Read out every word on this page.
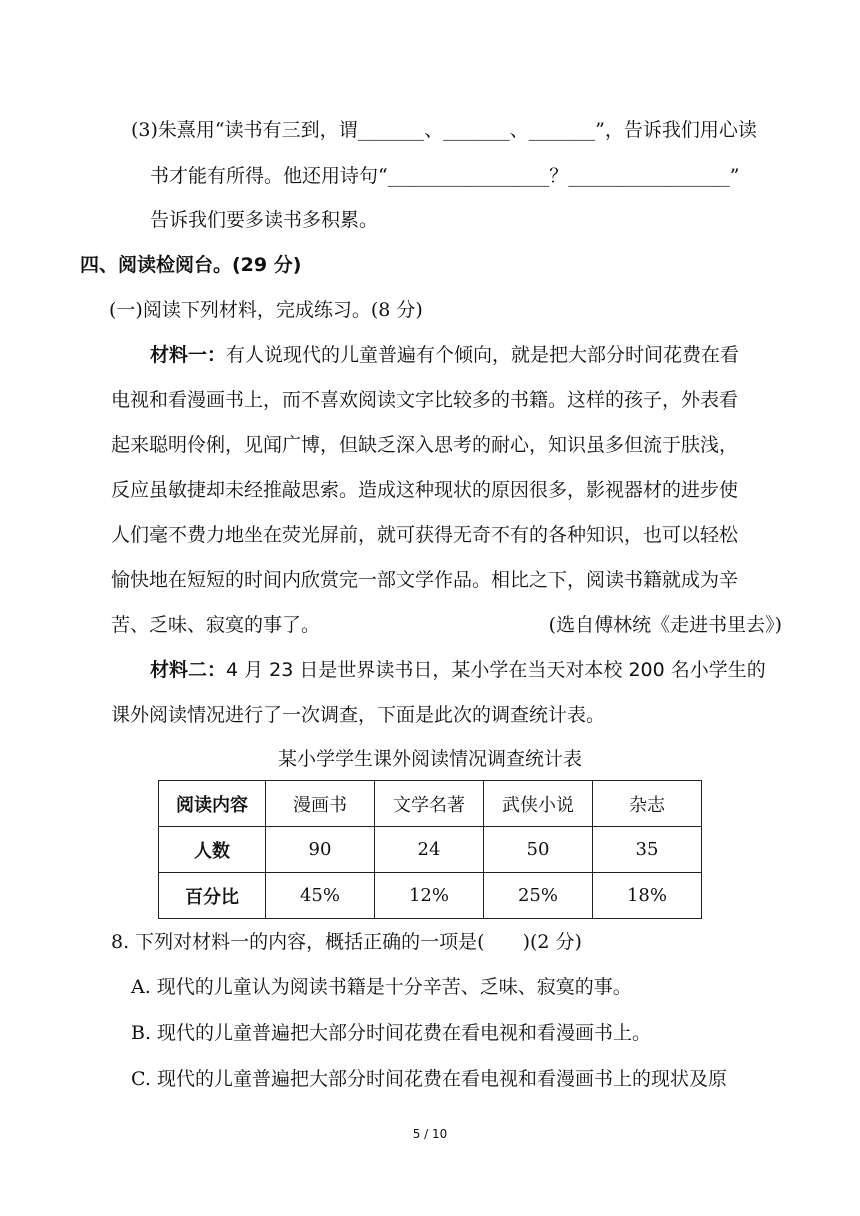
(3)朱熹用“读书有三到，谓_______、_______、_______”，告诉我们用心读
书才能有所得。他还用诗句“_________________？_________________”
告诉我们要多读书多积累。
四、阅读检阅台。(29 分)
(一)阅读下列材料，完成练习。(8 分)
材料一：有人说现代的儿童普遍有个倾向，就是把大部分时间花费在看
电视和看漫画书上，而不喜欢阅读文字比较多的书籍。这样的孩子，外表看
起来聪明伶俐，见闻广博，但缺乏深入思考的耐心，知识虽多但流于肤浅，
反应虽敏捷却未经推敲思索。造成这种现状的原因很多，影视器材的进步使
人们毫不费力地坐在荧光屏前，就可获得无奇不有的各种知识，也可以轻松
愉快地在短短的时间内欣赏完一部文学作品。相比之下，阅读书籍就成为辛
苦、乏味、寂寞的事了。	(选自傅林统《走进书里去》)
材料二：4 月 23 日是世界读书日，某小学在当天对本校 200 名小学生的
课外阅读情况进行了一次调查，下面是此次的调查统计表。
某小学学生课外阅读情况调查统计表
阅读内容	漫画书	文学名著	武侠小说	杂志
人数	90	24	50	35
百分比	45%	12%	25%	18%
8. 下列对材料一的内容，概括正确的一项是(　　)(2 分)
A. 现代的儿童认为阅读书籍是十分辛苦、乏味、寂寞的事。
B. 现代的儿童普遍把大部分时间花费在看电视和看漫画书上。
C. 现代的儿童普遍把大部分时间花费在看电视和看漫画书上的现状及原
5 / 10
